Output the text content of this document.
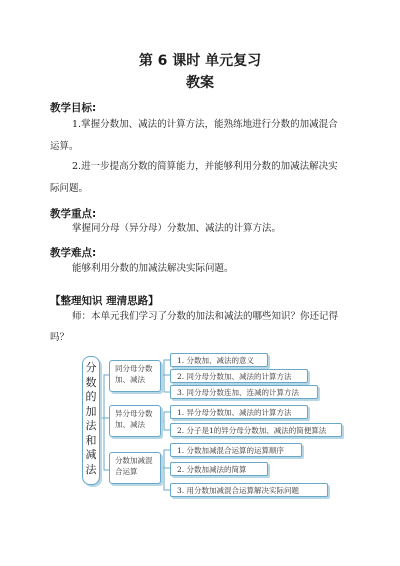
第 6 课时 单元复习
教案
教学目标:
1.掌握分数加、减法的计算方法，能熟练地进行分数的加减混合
运算。
2.进一步提高分数的简算能力，并能够利用分数的加减法解决实
际问题。
教学重点:
掌握同分母（异分母）分数加、减法的计算方法。
教学难点:
能够利用分数的加减法解决实际问题。
【整理知识 理清思路】
师：本单元我们学习了分数的加法和减法的哪些知识？你还记得
吗？
分数的加法和减法
同分母分数加、减法
异分母分数加、减法
分数加减混合运算
1. 分数加、减法的意义
2. 同分母分数加、减法的计算方法
3. 同分母分数连加、连减的计算方法
1. 异分母分数加、减法的计算方法
2. 分子是1的异分母分数加、减法的简便算法
1. 分数加减混合运算的运算顺序
2. 分数加减法的简算
3. 用分数加减混合运算解决实际问题
